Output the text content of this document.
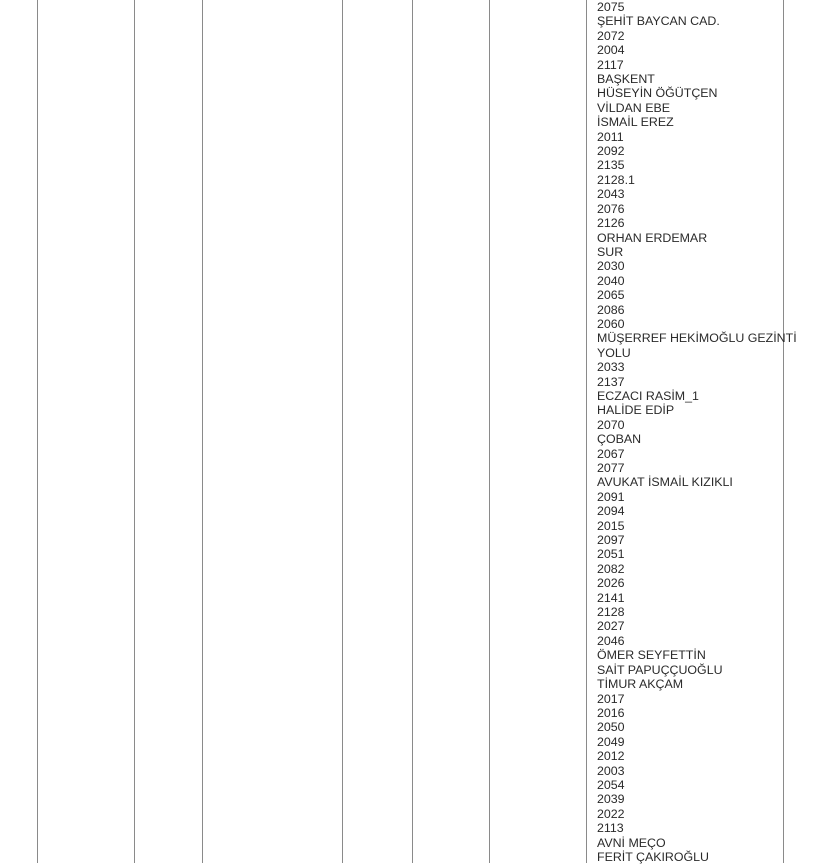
2075
ŞEHİT BAYCAN CAD.
2072
2004
2117
BAŞKENT
HÜSEYİN ÖĞÜTÇEN
VİLDAN EBE
İSMAİL EREZ
2011
2092
2135
2128.1
2043
2076
2126
ORHAN ERDEMAR
SUR
2030
2040
2065
2086
2060
MÜŞERREF HEKİMOĞLU GEZİNTİ
YOLU
2033
2137
ECZACI RASİM_1
HALİDE EDİP
2070
ÇOBAN
2067
2077
AVUKAT İSMAİL KIZIKLI
2091
2094
2015
2097
2051
2082
2026
2141
2128
2027
2046
ÖMER SEYFETTİN
SAİT PAPUÇÇUOĞLU
TİMUR AKÇAM
2017
2016
2050
2049
2012
2003
2054
2039
2022
2113
AVNİ MEÇO
FERİT ÇAKIROĞLU
